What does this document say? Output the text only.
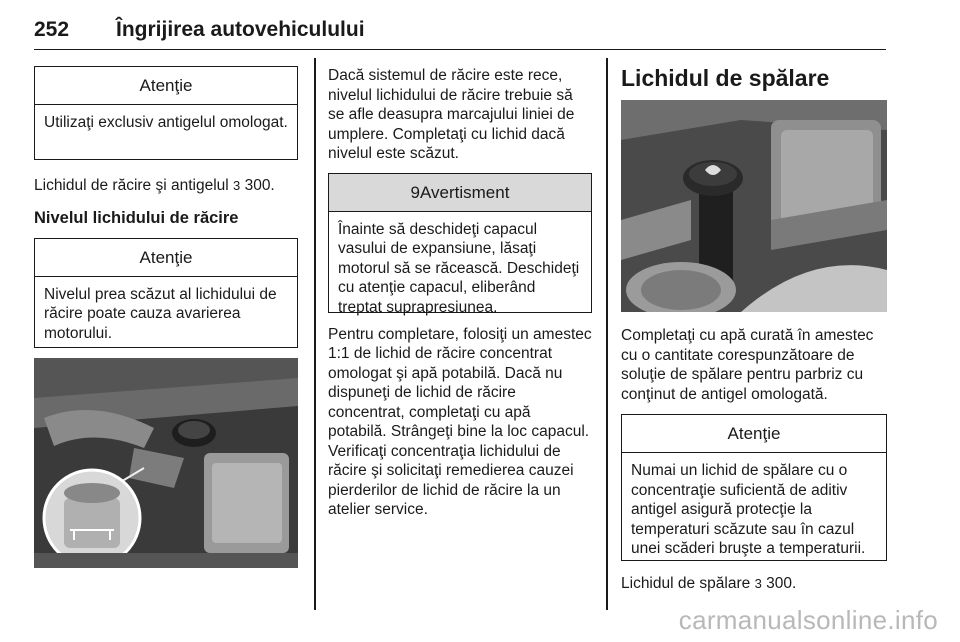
252 Îngrijirea autovehiculului
Atenţie
Utilizaţi exclusiv antigelul omologat.
Lichidul de răcire şi antigelul 3 300.
Nivelul lichidului de răcire
Atenţie
Nivelul prea scăzut al lichidului de răcire poate cauza avarierea motorului.
Dacă sistemul de răcire este rece, nivelul lichidului de răcire trebuie să se afle deasupra marcajului liniei de umplere. Completaţi cu lichid dacă nivelul este scăzut.
9Avertisment
Înainte să deschideţi capacul vasului de expansiune, lăsaţi motorul să se răcească. Deschideţi cu atenţie capacul, eliberând treptat suprapresiunea.
Pentru completare, folosiţi un amestec 1:1 de lichid de răcire concentrat omologat şi apă potabilă. Dacă nu dispuneţi de lichid de răcire concentrat, completaţi cu apă potabilă. Strângeţi bine la loc capacul. Verificaţi concentraţia lichidului de răcire şi solicitaţi remedierea cauzei pierderilor de lichid de răcire la un atelier service.
Lichidul de spălare
Completaţi cu apă curată în amestec cu o cantitate corespunzătoare de soluţie de spălare pentru parbriz cu conţinut de antigel omologată.
Atenţie
Numai un lichid de spălare cu o concentraţie suficientă de aditiv antigel asigură protecţie la temperaturi scăzute sau în cazul unei scăderi bruşte a temperaturii.
Lichidul de spălare 3 300.
carmanualsonline.info
